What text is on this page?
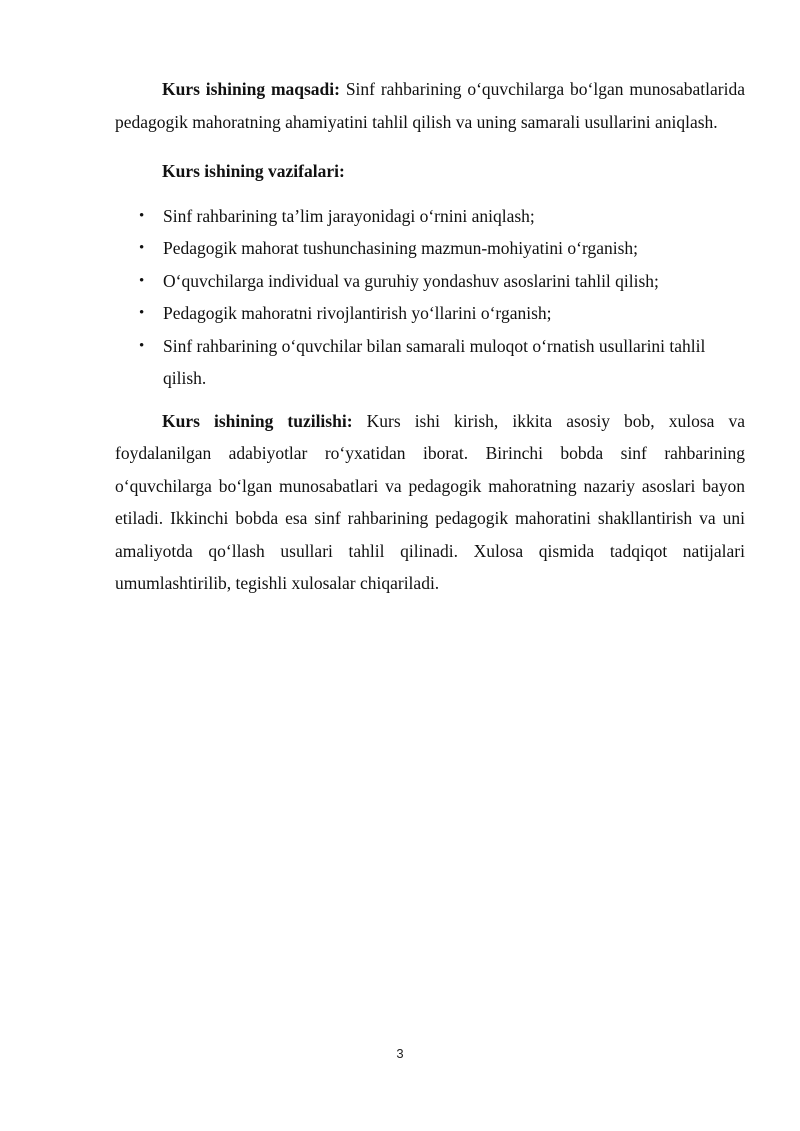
Kurs ishining maqsadi: Sinf rahbarining o‘quvchilarga bo‘lgan munosabatlarida pedagogik mahoratning ahamiyatini tahlil qilish va uning samarali usullarini aniqlash.

Kurs ishining vazifalari:

• Sinf rahbarining ta’lim jarayonidagi o‘rnini aniqlash;
• Pedagogik mahorat tushunchasining mazmun-mohiyatini o‘rganish;
• O‘quvchilarga individual va guruhiy yondashuv asoslarini tahlil qilish;
• Pedagogik mahoratni rivojlantirish yo‘llarini o‘rganish;
• Sinf rahbarining o‘quvchilar bilan samarali muloqot o‘rnatish usullarini tahlil qilish.

Kurs ishining tuzilishi: Kurs ishi kirish, ikkita asosiy bob, xulosa va foydalanilgan adabiyotlar ro‘yxatidan iborat. Birinchi bobda sinf rahbarining o‘quvchilarga bo‘lgan munosabatlari va pedagogik mahoratning nazariy asoslari bayon etiladi. Ikkinchi bobda esa sinf rahbarining pedagogik mahoratini shakllantirish va uni amaliyotda qo‘llash usullari tahlil qilinadi. Xulosa qismida tadqiqot natijalari umumlashtirilib, tegishli xulosalar chiqariladi.

3
